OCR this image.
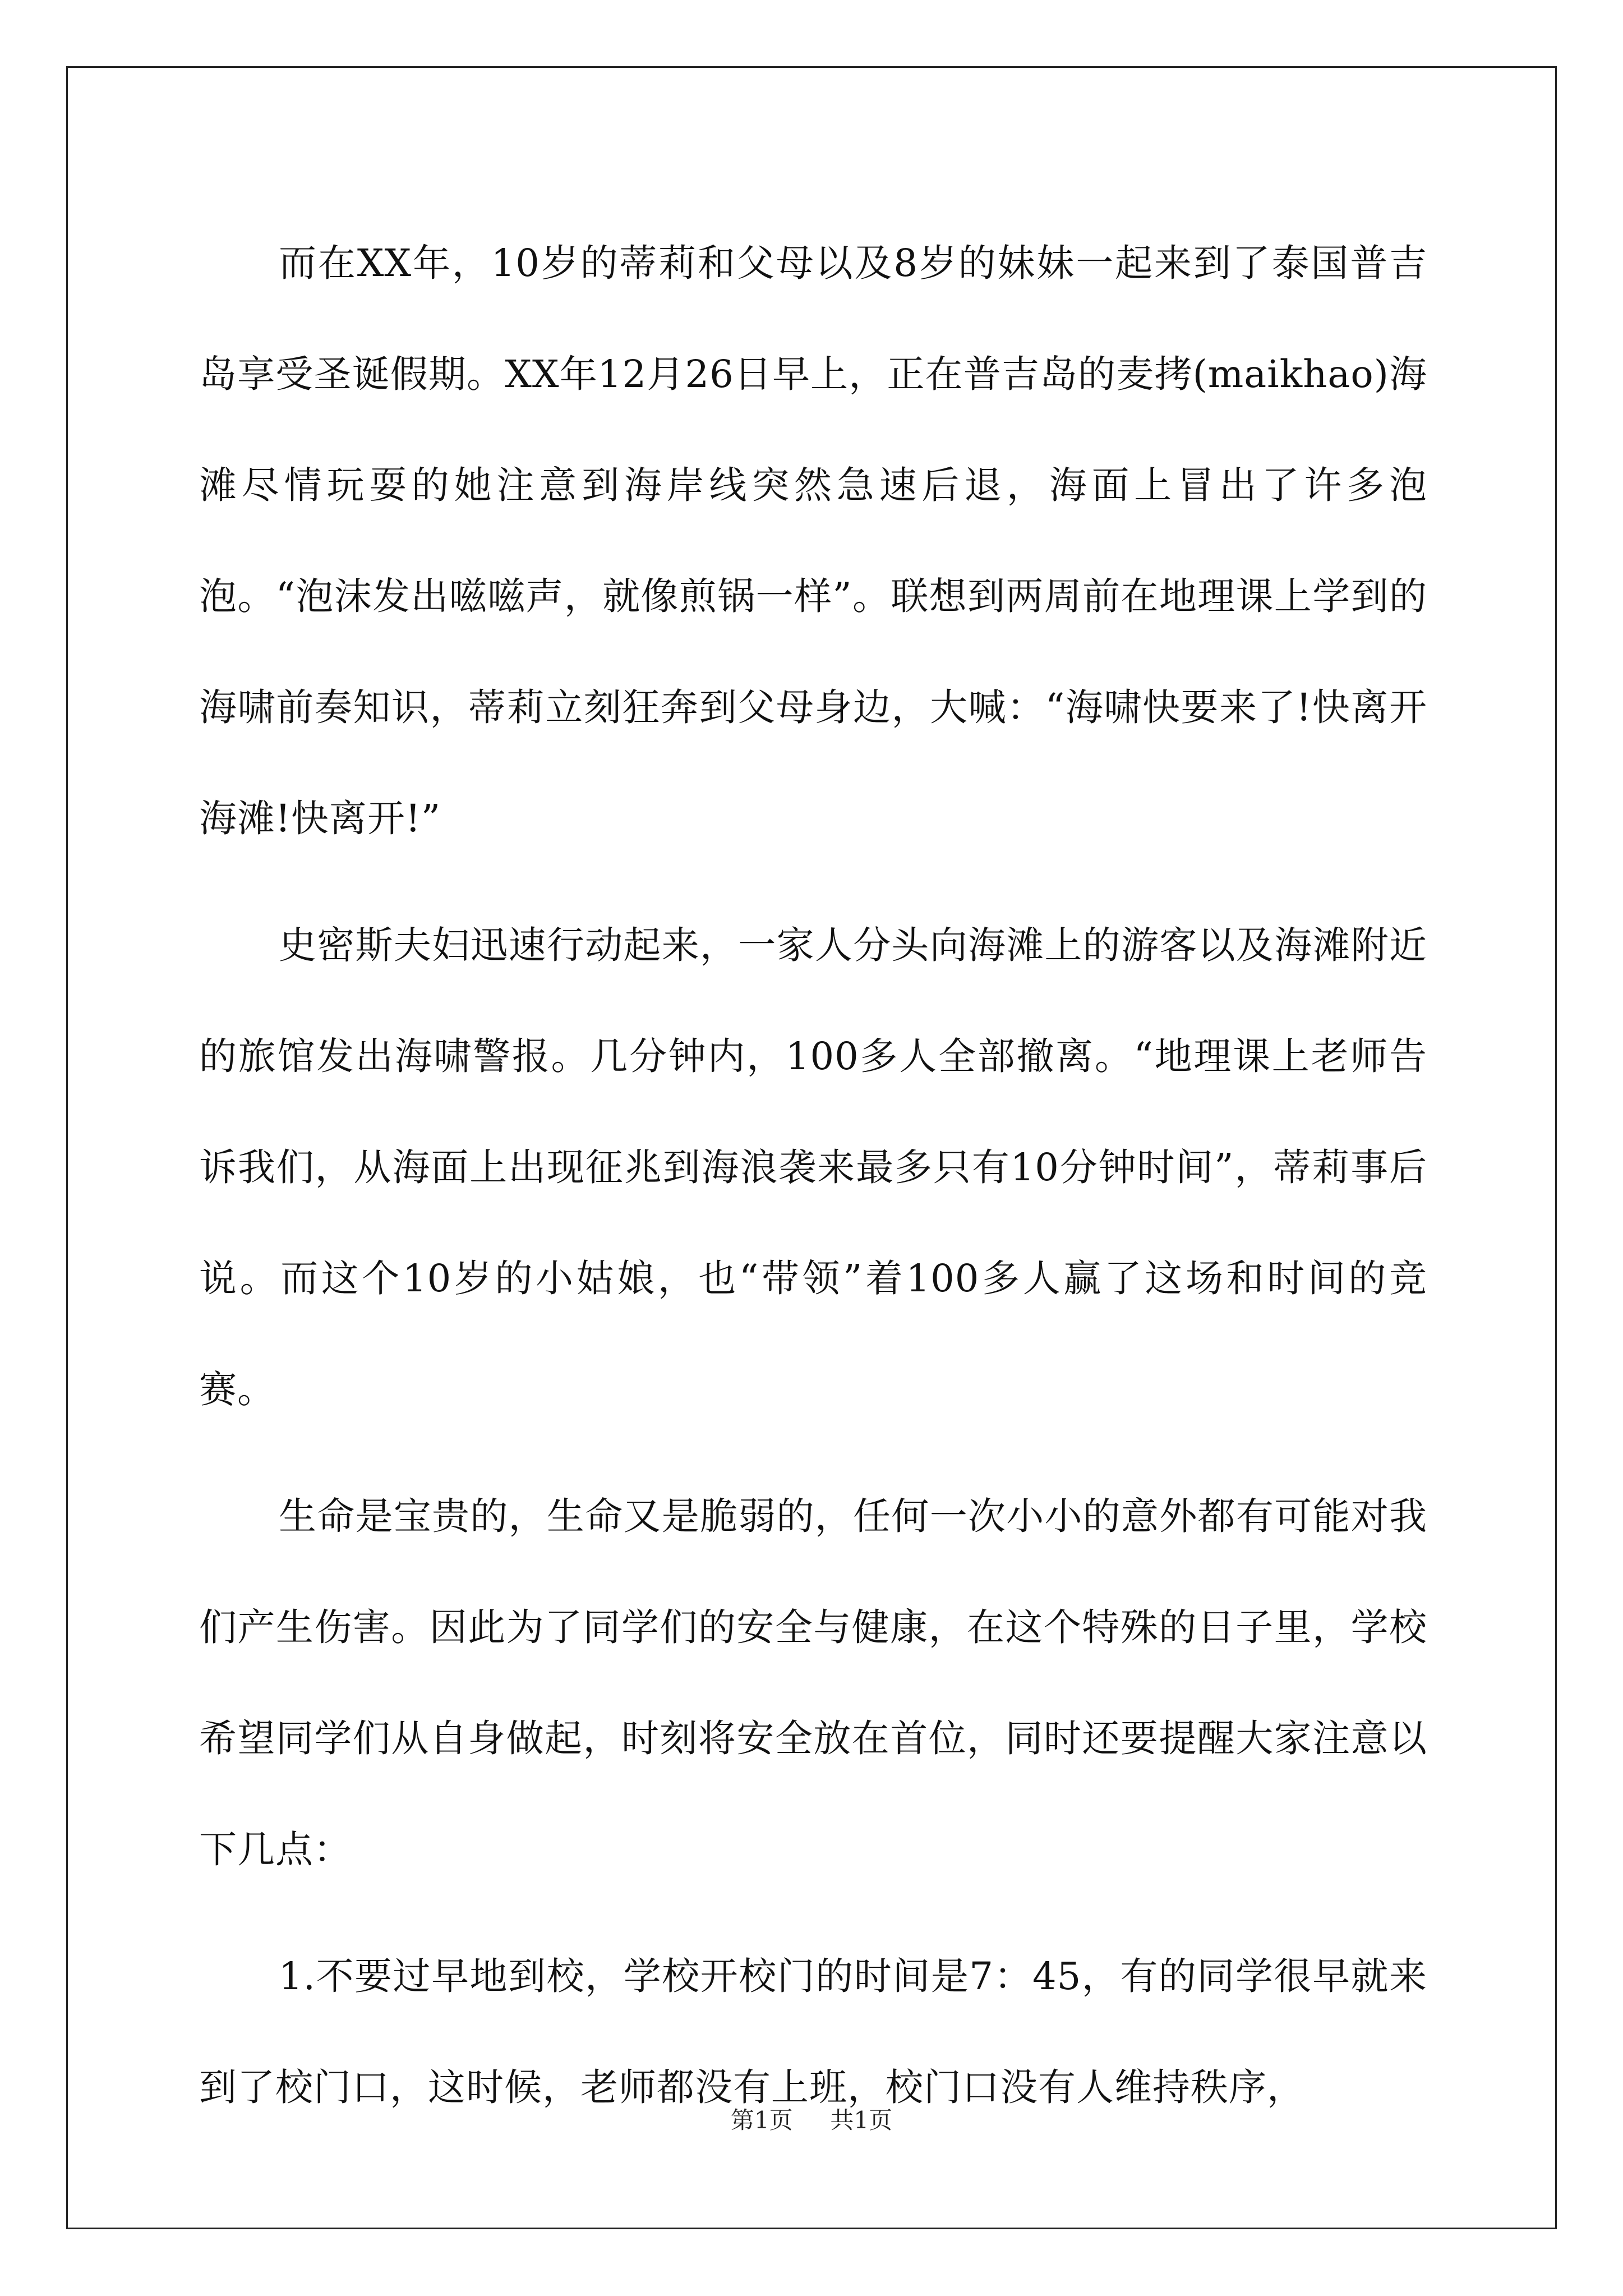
而在XX年，10岁的蒂莉和父母以及8岁的妹妹一起来到了泰国普吉岛享受圣诞假期。XX年12月26日早上，正在普吉岛的麦拷(maikhao)海滩尽情玩耍的她注意到海岸线突然急速后退，海面上冒出了许多泡泡。“泡沫发出嗞嗞声，就像煎锅一样”。联想到两周前在地理课上学到的海啸前奏知识，蒂莉立刻狂奔到父母身边，大喊：“海啸快要来了!快离开海滩!快离开!”

史密斯夫妇迅速行动起来，一家人分头向海滩上的游客以及海滩附近的旅馆发出海啸警报。几分钟内，100多人全部撤离。“地理课上老师告诉我们，从海面上出现征兆到海浪袭来最多只有10分钟时间”，蒂莉事后说。而这个10岁的小姑娘，也“带领”着100多人赢了这场和时间的竞赛。

生命是宝贵的，生命又是脆弱的，任何一次小小的意外都有可能对我们产生伤害。因此为了同学们的安全与健康，在这个特殊的日子里，学校希望同学们从自身做起，时刻将安全放在首位，同时还要提醒大家注意以下几点：

1.不要过早地到校，学校开校门的时间是7：45，有的同学很早就来到了校门口，这时候，老师都没有上班，校门口没有人维持秩序，

第1页 共1页
